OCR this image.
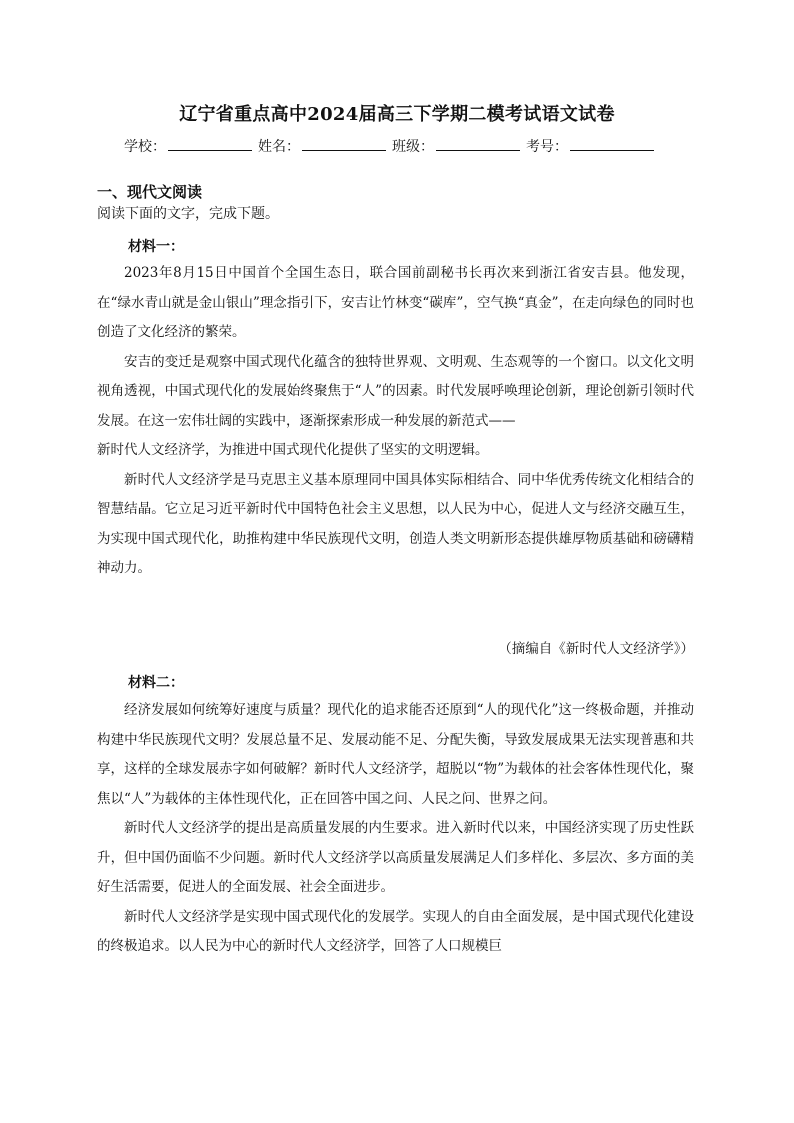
辽宁省重点高中2024届高三下学期二模考试语文试卷
学校：	姓名：	班级：	考号：
一、现代文阅读
阅读下面的文字，完成下题。
材料一：

2023年8月15日中国首个全国生态日，联合国前副秘书长再次来到浙江省安吉县。他发现，在“绿水青山就是金山银山”理念指引下，安吉让竹林变“碳库”，空气换“真金”，在走向绿色的同时也创造了文化经济的繁荣。

安吉的变迁是观察中国式现代化蕴含的独特世界观、文明观、生态观等的一个窗口。以文化文明视角透视，中国式现代化的发展始终聚焦于“人”的因素。时代发展呼唤理论创新，理论创新引领时代发展。在这一宏伟壮阔的实践中，逐渐探索形成一种发展的新范式——

新时代人文经济学，为推进中国式现代化提供了坚实的文明逻辑。

新时代人文经济学是马克思主义基本原理同中国具体实际相结合、同中华优秀传统文化相结合的智慧结晶。它立足习近平新时代中国特色社会主义思想，以人民为中心，促进人文与经济交融互生，为实现中国式现代化，助推构建中华民族现代文明，创造人类文明新形态提供雄厚物质基础和磅礴精神动力。

（摘编自《新时代人文经济学》）
材料二：

经济发展如何统筹好速度与质量？现代化的追求能否还原到“人的现代化”这一终极命题，并推动构建中华民族现代文明？发展总量不足、发展动能不足、分配失衡，导致发展成果无法实现普惠和共享，这样的全球发展赤字如何破解？新时代人文经济学，超脱以“物”为载体的社会客体性现代化，聚焦以“人”为载体的主体性现代化，正在回答中国之问、人民之问、世界之问。

新时代人文经济学的提出是高质量发展的内生要求。进入新时代以来，中国经济实现了历史性跃升，但中国仍面临不少问题。新时代人文经济学以高质量发展满足人们多样化、多层次、多方面的美好生活需要，促进人的全面发展、社会全面进步。

新时代人文经济学是实现中国式现代化的发展学。实现人的自由全面发展，是中国式现代化建设的终极追求。以人民为中心的新时代人文经济学，回答了人口规模巨
